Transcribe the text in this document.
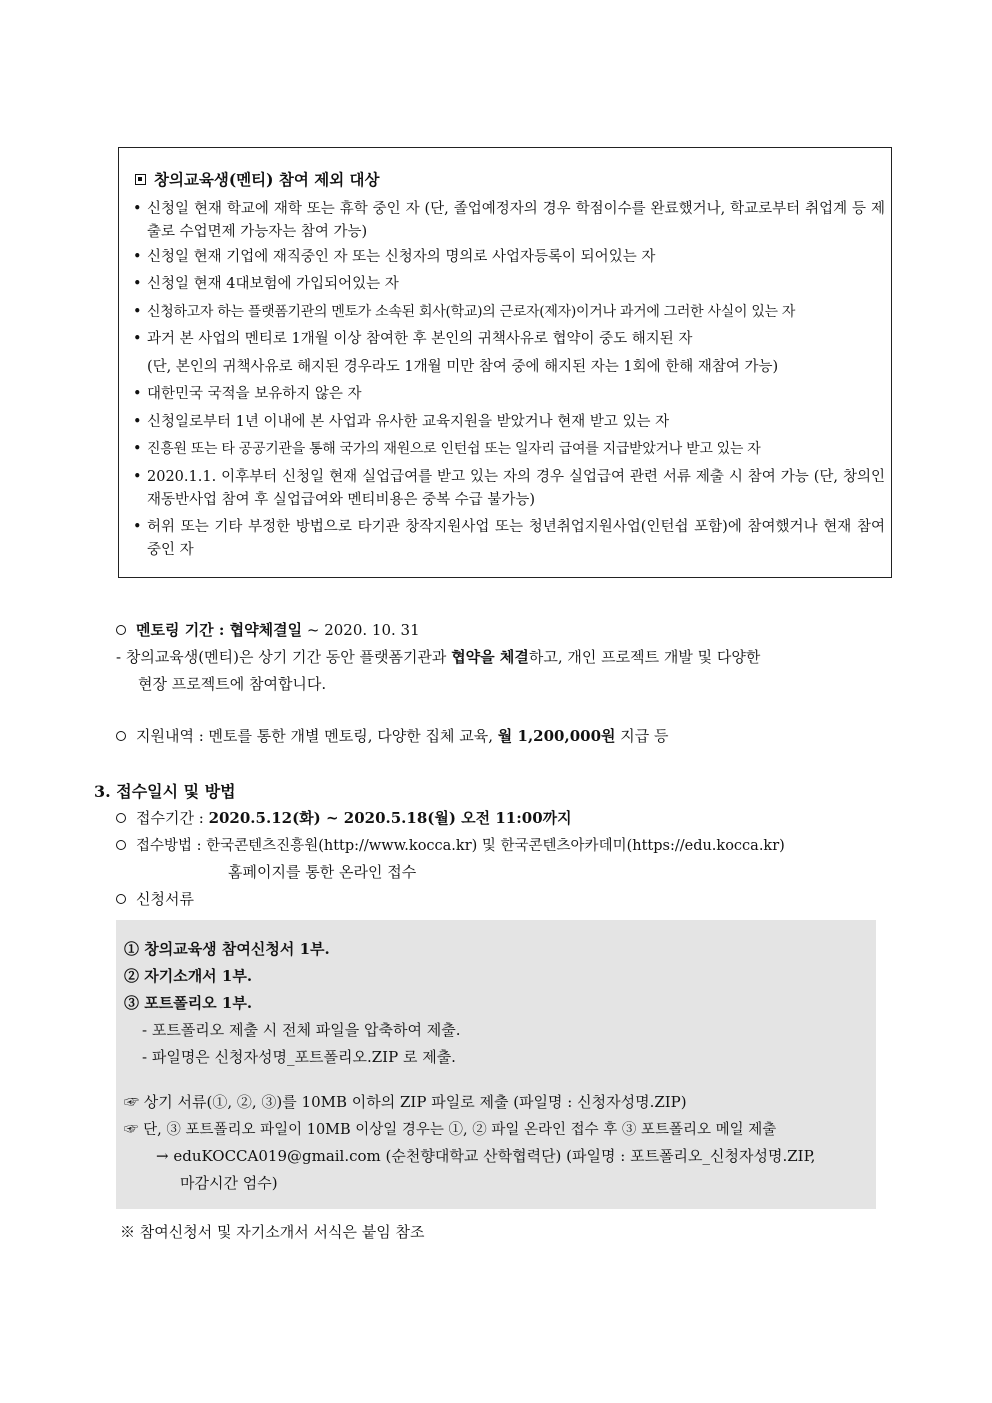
창의교육생(멘티) 참여 제외 대상
• 신청일 현재 학교에 재학 또는 휴학 중인 자 (단, 졸업예정자의 경우 학점이수를 완료했거나, 학교로부터 취업계 등 제출로 수업면제 가능자는 참여 가능)
• 신청일 현재 기업에 재직중인 자 또는 신청자의 명의로 사업자등록이 되어있는 자
• 신청일 현재 4대보험에 가입되어있는 자
• 신청하고자 하는 플랫폼기관의 멘토가 소속된 회사(학교)의 근로자(제자)이거나 과거에 그러한 사실이 있는 자
• 과거 본 사업의 멘티로 1개월 이상 참여한 후 본인의 귀책사유로 협약이 중도 해지된 자
(단, 본인의 귀책사유로 해지된 경우라도 1개월 미만 참여 중에 해지된 자는 1회에 한해 재참여 가능)
• 대한민국 국적을 보유하지 않은 자
• 신청일로부터 1년 이내에 본 사업과 유사한 교육지원을 받았거나 현재 받고 있는 자
• 진흥원 또는 타 공공기관을 통해 국가의 재원으로 인턴쉽 또는 일자리 급여를 지급받았거나 받고 있는 자
• 2020.1.1. 이후부터 신청일 현재 실업급여를 받고 있는 자의 경우 실업급여 관련 서류 제출 시 참여 가능 (단, 창의인재동반사업 참여 후 실업급여와 멘티비용은 중복 수급 불가능)
• 허위 또는 기타 부정한 방법으로 타기관 창작지원사업 또는 청년취업지원사업(인턴쉽 포함)에 참여했거나 현재 참여중인 자
멘토링 기간 : 협약체결일 ~ 2020. 10. 31
- 창의교육생(멘티)은 상기 기간 동안 플랫폼기관과 협약을 체결하고, 개인 프로젝트 개발 및 다양한
현장 프로젝트에 참여합니다.
지원내역 : 멘토를 통한 개별 멘토링, 다양한 집체 교육, 월 1,200,000원 지급 등
3. 접수일시 및 방법
접수기간 : 2020.5.12(화) ~ 2020.5.18(월) 오전 11:00까지
접수방법 : 한국콘텐츠진흥원(http://www.kocca.kr) 및 한국콘텐츠아카데미(https://edu.kocca.kr)
홈페이지를 통한 온라인 접수
신청서류
① 창의교육생 참여신청서 1부.
② 자기소개서 1부.
③ 포트폴리오 1부.
- 포트폴리오 제출 시 전체 파일을 압축하여 제출.
- 파일명은 신청자성명_포트폴리오.ZIP 로 제출.
☞ 상기 서류(①, ②, ③)를 10MB 이하의 ZIP 파일로 제출 (파일명 : 신청자성명.ZIP)
☞ 단, ③ 포트폴리오 파일이 10MB 이상일 경우는 ①, ② 파일 온라인 접수 후 ③ 포트폴리오 메일 제출
→ eduKOCCA019@gmail.com (순천향대학교 산학협력단) (파일명 : 포트폴리오_신청자성명.ZIP,
마감시간 엄수)
※ 참여신청서 및 자기소개서 서식은 붙임 참조
